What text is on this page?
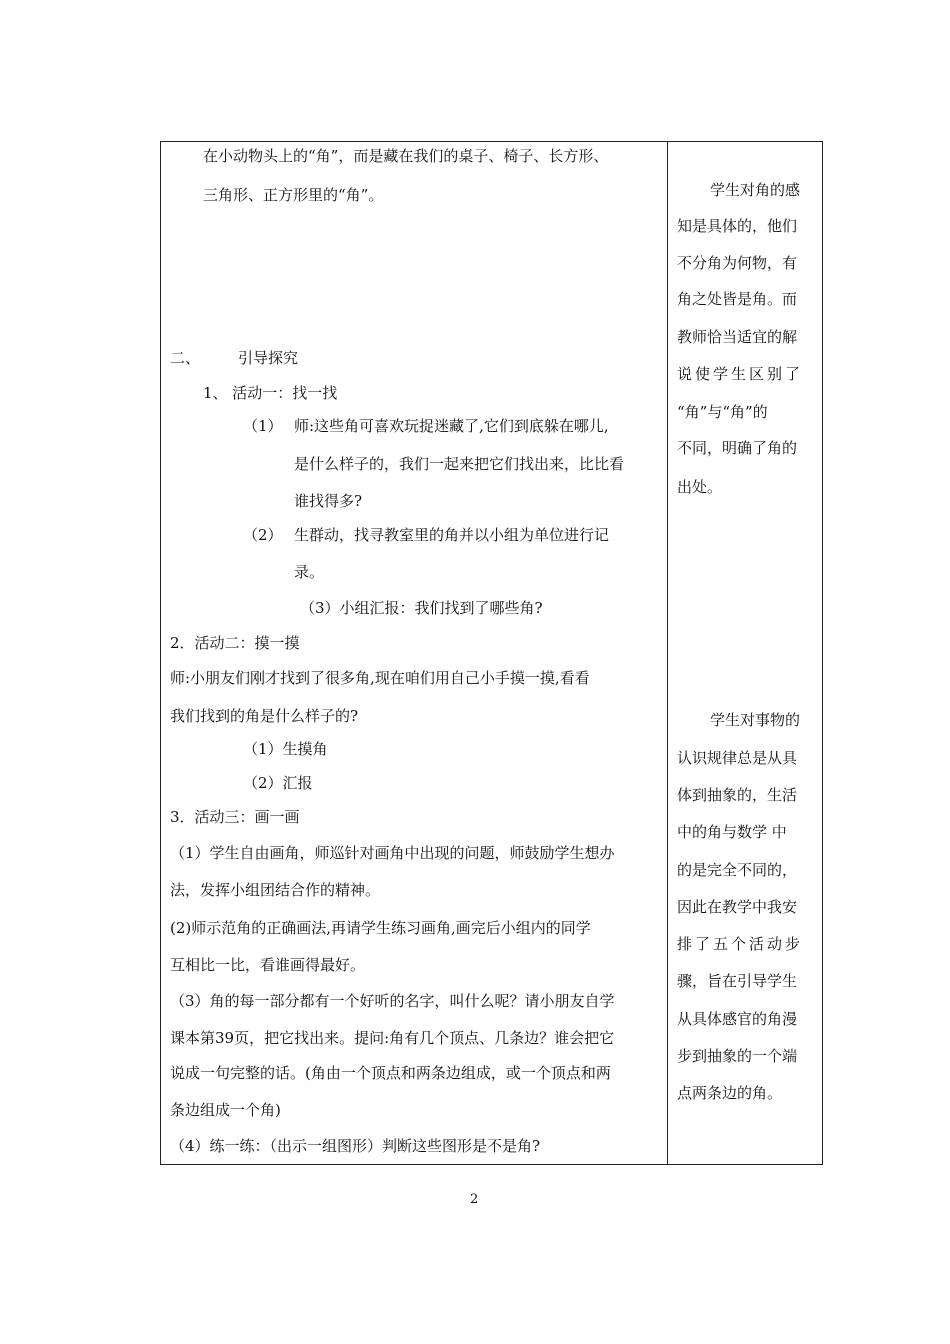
在小动物头上的“角”，而是藏在我们的桌子、椅子、长方形、
三角形、正方形里的“角”。
二、	引导探究
1、 活动一：找一找
（1） 师:这些角可喜欢玩捉迷藏了,它们到底躲在哪儿,
是什么样子的，我们一起来把它们找出来，比比看
谁找得多?
（2） 生群动，找寻教室里的角并以小组为单位进行记
录。
（3）小组汇报：我们找到了哪些角?
2．活动二：摸一摸
师:小朋友们刚才找到了很多角,现在咱们用自己小手摸一摸,看看
我们找到的角是什么样子的?
（1）生摸角
（2）汇报
3．活动三：画一画
（1）学生自由画角，师巡针对画角中出现的问题，师鼓励学生想办
法，发挥小组团结合作的精神。
(2)师示范角的正确画法,再请学生练习画角,画完后小组内的同学
互相比一比，看谁画得最好。
（3）角的每一部分都有一个好听的名字，叫什么呢？请小朋友自学
课本第39页，把它找出来。提问:角有几个顶点、几条边？谁会把它
说成一句完整的话。(角由一个顶点和两条边组成，或一个顶点和两
条边组成一个角)
（4）练一练：（出示一组图形）判断这些图形是不是角?
学生对角的感
知是具体的，他们
不分角为何物，有
角之处皆是角。而
教师恰当适宜的解
说使学生区别了
“角”与“角”的
不同，明确了角的
出处。
学生对事物的
认识规律总是从具
体到抽象的，生活
中的角与数学 中
的是完全不同的，
因此在教学中我安
排了五个活动步
骤，旨在引导学生
从具体感官的角漫
步到抽象的一个端
点两条边的角。
2
